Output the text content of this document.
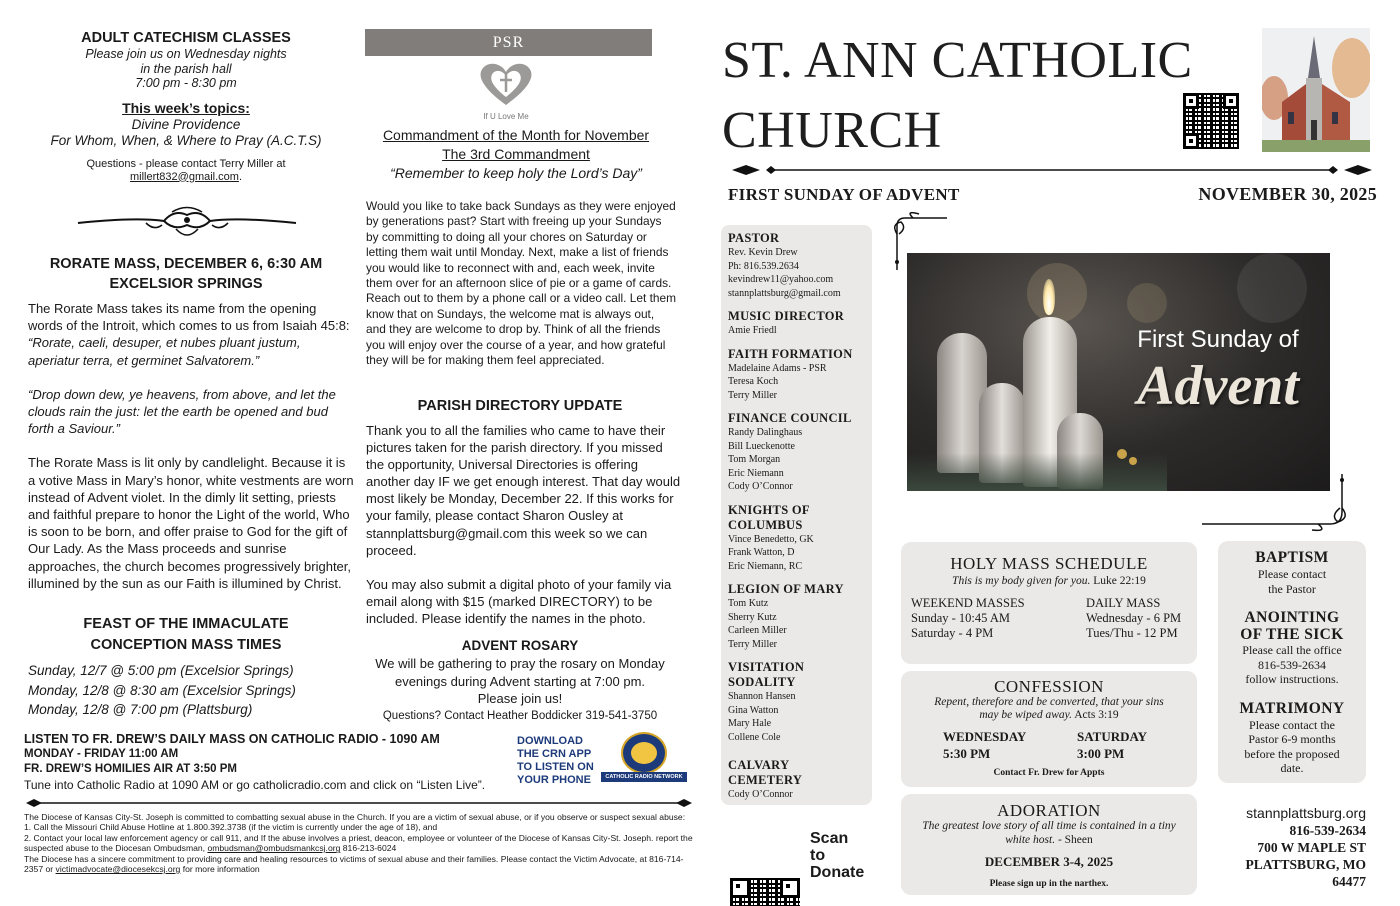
ADULT CATECHISM CLASSES
Please join us on Wednesday nights
in the parish hall
7:00 pm - 8:30 pm
This week’s topics:
Divine Providence
For Whom, When, & Where to Pray (A.C.T.S)
Questions - please contact Terry Miller at
millert832@gmail.com.
RORATE MASS, DECEMBER 6, 6:30 AM
EXCELSIOR SPRINGS

The Rorate Mass takes its name from the opening words of the Introit, which comes to us from Isaiah 45:8: “Rorate, caeli, desuper, et nubes pluant justum, aperiatur terra, et germinet Salvatorem.”

“Drop down dew, ye heavens, from above, and let the clouds rain the just: let the earth be opened and bud forth a Saviour.”

The Rorate Mass is lit only by candlelight. Because it is a votive Mass in Mary’s honor, white vestments are worn instead of Advent violet. In the dimly lit setting, priests and faithful prepare to honor the Light of the world, Who is soon to be born, and offer praise to God for the gift of Our Lady. As the Mass proceeds and sunrise approaches, the church becomes progressively brighter, illumined by the sun as our Faith is illumined by Christ.

FEAST OF THE IMMACULATE
CONCEPTION MASS TIMES
Sunday, 12/7 @ 5:00 pm (Excelsior Springs)
Monday, 12/8 @ 8:30 am (Excelsior Springs)
Monday, 12/8 @ 7:00 pm (Plattsburg)
LISTEN TO FR. DREW’S DAILY MASS ON CATHOLIC RADIO - 1090 AM
MONDAY - FRIDAY 11:00 AM
FR. DREW’S HOMILIES AIR AT 3:50 PM
Tune into Catholic Radio at 1090 AM or go catholicradio.com and click on “Listen Live”.
DOWNLOAD
THE CRN APP
TO LISTEN ON
YOUR PHONE	CATHOLIC RADIO NETWORK
The Diocese of Kansas City-St. Joseph is committed to combatting sexual abuse in the Church. If you are a victim of sexual abuse, or if you observe or suspect sexual abuse:
1. Call the Missouri Child Abuse Hotline at 1.800.392.3738 (if the victim is currently under the age of 18), and
2. Contact your local law enforcement agency or call 911, and If the abuse involves a priest, deacon, employee or volunteer of the Diocese of Kansas City-St. Joseph. report the suspected abuse to the Diocesan Ombudsman, ombudsman@ombudsmankcsj.org 816-213-6024
The Diocese has a sincere commitment to providing care and healing resources to victims of sexual abuse and their families. Please contact the Victim Advocate, at 816-714-2357 or victimadvocate@diocesekcsj.org for more information
PSR
If U Love Me
Commandment of the Month for November
The 3rd Commandment
“Remember to keep holy the Lord’s Day”
Would you like to take back Sundays as they were enjoyed by generations past? Start with freeing up your Sundays by committing to doing all your chores on Saturday or letting them wait until Monday. Next, make a list of friends you would like to reconnect with and, each week, invite them over for an afternoon slice of pie or a game of cards. Reach out to them by a phone call or a video call. Let them know that on Sundays, the welcome mat is always out, and they are welcome to drop by. Think of all the friends you will enjoy over the course of a year, and how grateful they will be for making them feel appreciated.
PARISH DIRECTORY UPDATE

Thank you to all the families who came to have their pictures taken for the parish directory. If you missed the opportunity, Universal Directories is offering another day IF we get enough interest. That day would most likely be Monday, December 22. If this works for your family, please contact Sharon Ousley at stannplattsburg@gmail.com this week so we can proceed.

You may also submit a digital photo of your family via email along with $15 (marked DIRECTORY) to be included. Please identify the names in the photo.

ADVENT ROSARY
We will be gathering to pray the rosary on Monday
evenings during Advent starting at 7:00 pm.
Please join us!
Questions? Contact Heather Boddicker 319-541-3750
ST. ANN CATHOLIC
CHURCH
FIRST SUNDAY OF ADVENT	NOVEMBER 30, 2025
PASTOR
Rev. Kevin Drew
Ph: 816.539.2634
kevindrew11@yahoo.com
stannplattsburg@gmail.com
MUSIC DIRECTOR
Amie Friedl
FAITH FORMATION
Madelaine Adams - PSR
Teresa Koch
Terry Miller
FINANCE COUNCIL
Randy Dalinghaus
Bill Lueckenotte
Tom Morgan
Eric Niemann
Cody O’Connor
KNIGHTS OF
COLUMBUS
Vince Benedetto, GK
Frank Watton, D
Eric Niemann, RC
LEGION OF MARY
Tom Kutz
Sherry Kutz
Carleen Miller
Terry Miller
VISITATION
SODALITY
Shannon Hansen
Gina Watton
Mary Hale
Collene Cole
CALVARY
CEMETERY
Cody O’Connor
First Sunday of
Advent
HOLY MASS SCHEDULE
This is my body given for you. Luke 22:19
WEEKEND MASSES
Sunday - 10:45 AM
Saturday - 4 PM
DAILY MASS
Wednesday - 6 PM
Tues/Thu - 12 PM
CONFESSION
Repent, therefore and be converted, that your sins
may be wiped away. Acts 3:19
WEDNESDAY
5:30 PM
SATURDAY
3:00 PM
Contact Fr. Drew for Appts
ADORATION
The greatest love story of all time is contained in a tiny
white host. - Sheen
DECEMBER 3-4, 2025
Please sign up in the narthex.
BAPTISM
Please contact
the Pastor
ANOINTING
OF THE SICK
Please call the office
816-539-2634
follow instructions.
MATRIMONY
Please contact the
Pastor 6-9 months
before the proposed
date.
Scan
to
Donate
stannplattsburg.org
816-539-2634
700 W MAPLE ST
PLATTSBURG, MO
64477
